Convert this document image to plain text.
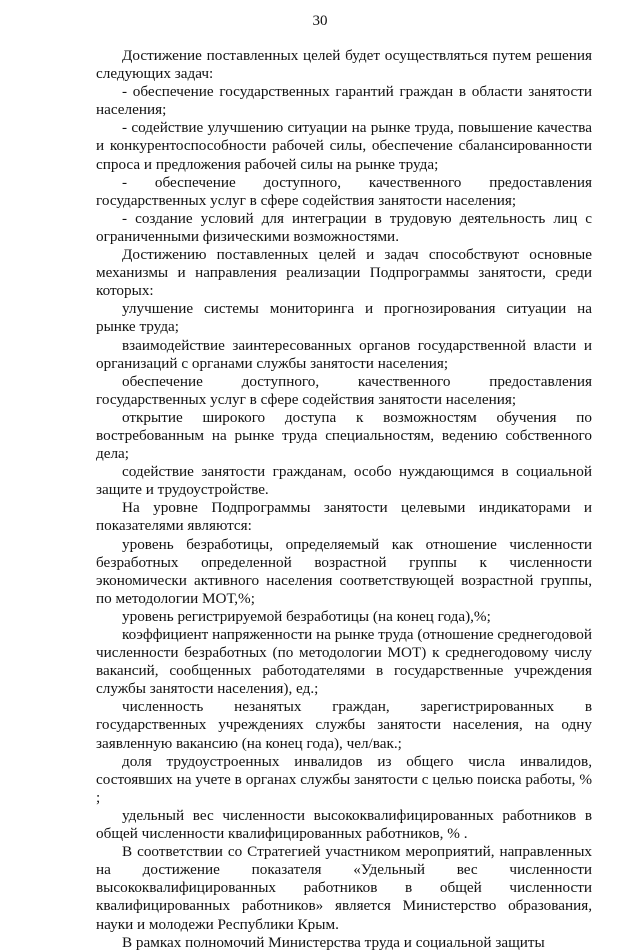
30

Достижение поставленных целей будет осуществляться путем решения следующих задач:

- обеспечение государственных гарантий граждан в области занятости населения;

- содействие улучшению ситуации на рынке труда, повышение качества и конкурентоспособности рабочей силы, обеспечение сбалансированности спроса и предложения рабочей силы на рынке труда;

- обеспечение доступного, качественного предоставления государственных услуг в сфере содействия занятости населения;

- создание условий для интеграции в трудовую деятельность лиц с ограниченными физическими возможностями.

Достижению поставленных целей и задач способствуют основные механизмы и направления реализации Подпрограммы занятости, среди которых:

улучшение системы мониторинга и прогнозирования ситуации на рынке труда;

взаимодействие заинтересованных органов государственной власти и организаций с органами службы занятости населения;

обеспечение доступного, качественного предоставления государственных услуг в сфере содействия занятости населения;

открытие широкого доступа к возможностям обучения по востребованным на рынке труда специальностям, ведению собственного дела;

содействие занятости гражданам, особо нуждающимся в социальной защите и трудоустройстве.

На уровне Подпрограммы занятости целевыми индикаторами и показателями являются:

уровень безработицы, определяемый как отношение численности безработных определенной возрастной группы к численности экономически активного населения соответствующей возрастной группы, по методологии МОТ,%;

уровень регистрируемой безработицы (на конец года),%;

коэффициент напряженности на рынке труда (отношение среднегодовой численности безработных (по методологии МОТ) к среднегодовому числу вакансий, сообщенных работодателями в государственные учреждения службы занятости населения), ед.;

численность незанятых граждан, зарегистрированных в государственных учреждениях службы занятости населения, на одну заявленную вакансию (на конец года), чел/вак.;

доля трудоустроенных инвалидов из общего числа инвалидов, состоявших на учете в органах службы занятости с целью поиска работы, % ;

удельный вес численности высококвалифицированных работников в общей численности квалифицированных работников, % .

В соответствии со Стратегией участником мероприятий, направленных на достижение показателя «Удельный вес численности высококвалифицированных работников в общей численности квалифицированных работников» является Министерство образования, науки и молодежи Республики Крым.

В рамках полномочий Министерства труда и социальной защиты
